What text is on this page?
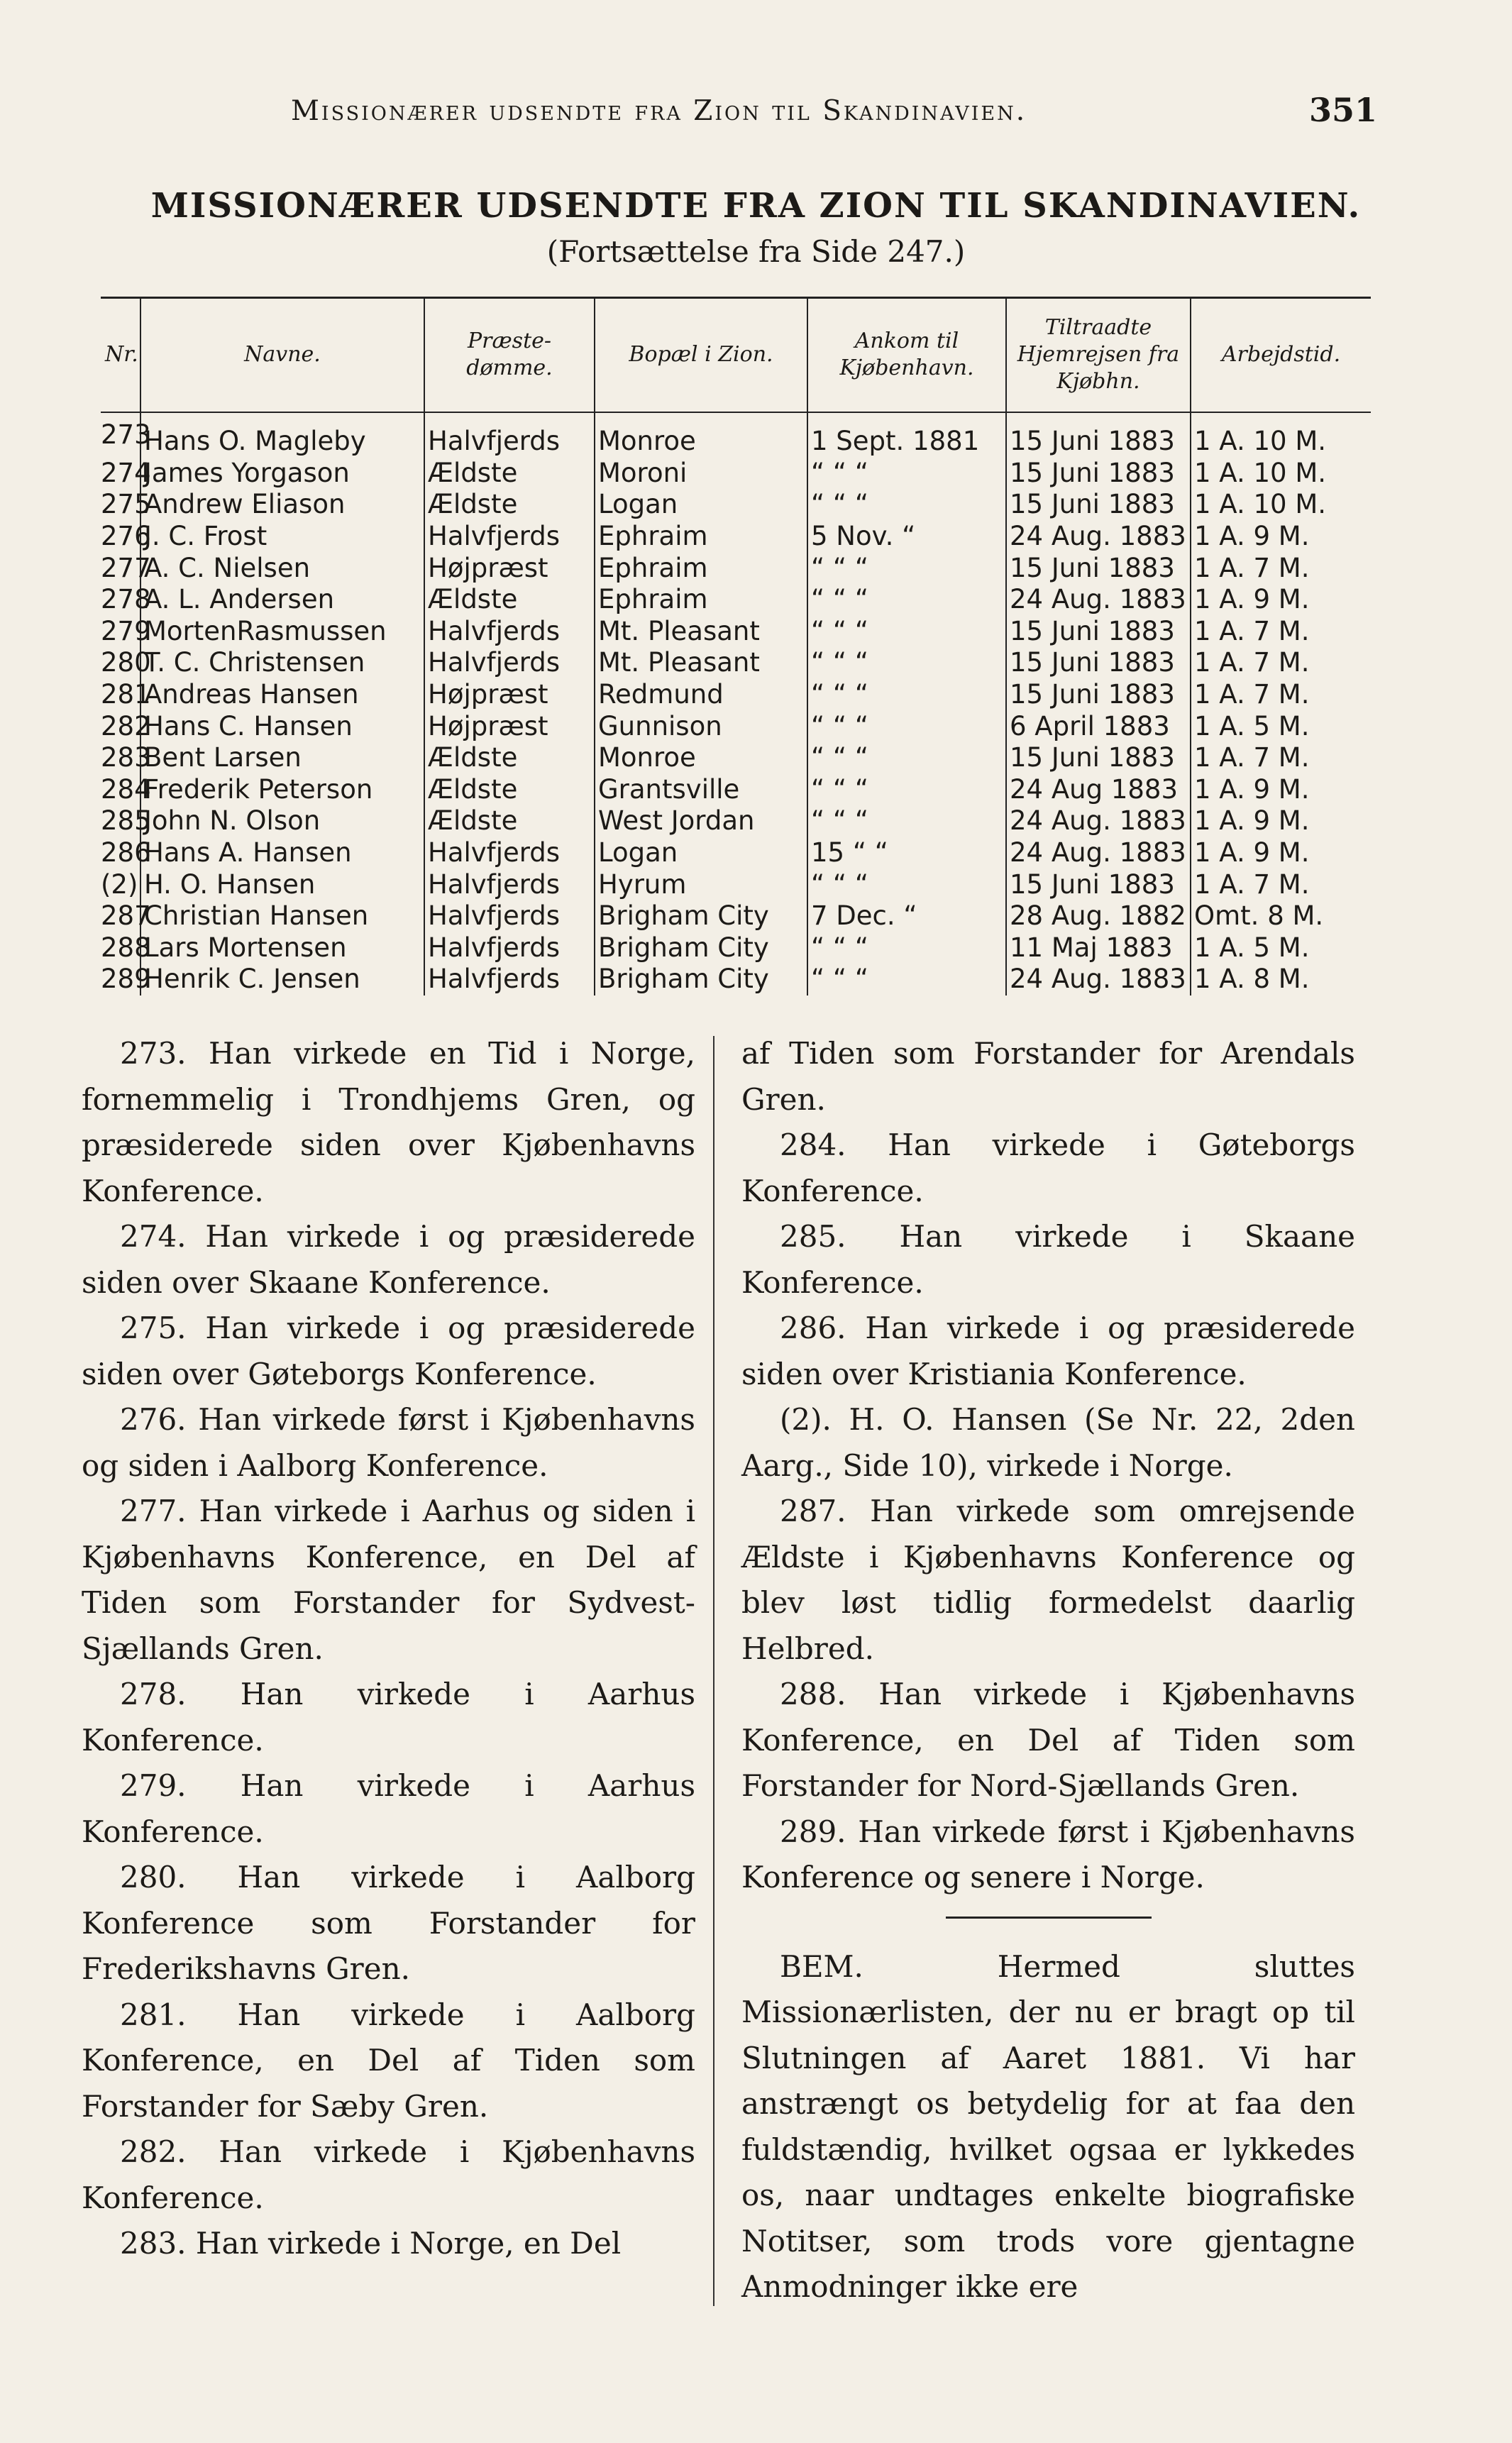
Missionærer udsendte fra Zion til Skandinavien.	351
MISSIONÆRER UDSENDTE FRA ZION TIL SKANDINAVIEN.
(Fortsættelse fra Side 247.)
Nr.	Navne.	Præste-dømme.	Bopæl i Zion.	Ankom til Kjøbenhavn.	Tiltraadte Hjemrejsen fra Kjøbhn.	Arbejdstid.
273	Hans O. Magleby	Halvfjerds	Monroe	1 Sept. 1881	15 Juni 1883	1 A. 10 M.
274	James Yorgason	Ældste	Moroni	“ “ “	15 Juni 1883	1 A. 10 M.
275	Andrew Eliason	Ældste	Logan	“ “ “	15 Juni 1883	1 A. 10 M.
276	J. C. Frost	Halvfjerds	Ephraim	5 Nov. “	24 Aug. 1883	1 A. 9 M.
277	A. C. Nielsen	Højpræst	Ephraim	“ “ “	15 Juni 1883	1 A. 7 M.
278	A. L. Andersen	Ældste	Ephraim	“ “ “	24 Aug. 1883	1 A. 9 M.
279	MortenRasmussen	Halvfjerds	Mt. Pleasant	“ “ “	15 Juni 1883	1 A. 7 M.
280	T. C. Christensen	Halvfjerds	Mt. Pleasant	“ “ “	15 Juni 1883	1 A. 7 M.
281	Andreas Hansen	Højpræst	Redmund	“ “ “	15 Juni 1883	1 A. 7 M.
282	Hans C. Hansen	Højpræst	Gunnison	“ “ “	6 April 1883	1 A. 5 M.
283	Bent Larsen	Ældste	Monroe	“ “ “	15 Juni 1883	1 A. 7 M.
284	Frederik Peterson	Ældste	Grantsville	“ “ “	24 Aug 1883	1 A. 9 M.
285	John N. Olson	Ældste	West Jordan	“ “ “	24 Aug. 1883	1 A. 9 M.
286	Hans A. Hansen	Halvfjerds	Logan	15 “ “	24 Aug. 1883	1 A. 9 M.
(2)	H. O. Hansen	Halvfjerds	Hyrum	“ “ “	15 Juni 1883	1 A. 7 M.
287	Christian Hansen	Halvfjerds	Brigham City	7 Dec. “	28 Aug. 1882	Omt. 8 M.
288	Lars Mortensen	Halvfjerds	Brigham City	“ “ “	11 Maj 1883	1 A. 5 M.
289	Henrik C. Jensen	Halvfjerds	Brigham City	“ “ “	24 Aug. 1883	1 A. 8 M.

273. Han virkede en Tid i Norge, fornemmelig i Trondhjems Gren, og præsiderede siden over Kjøbenhavns Konference.

274. Han virkede i og præsiderede siden over Skaane Konference.

275. Han virkede i og præsiderede siden over Gøteborgs Konference.

276. Han virkede først i Kjøbenhavns og siden i Aalborg Konference.

277. Han virkede i Aarhus og siden i Kjøbenhavns Konference, en Del af Tiden som Forstander for Sydvest-Sjællands Gren.

278. Han virkede i Aarhus Konference.

279. Han virkede i Aarhus Konference.

280. Han virkede i Aalborg Konference som Forstander for Frederikshavns Gren.

281. Han virkede i Aalborg Konference, en Del af Tiden som Forstander for Sæby Gren.

282. Han virkede i Kjøbenhavns Konference.

283. Han virkede i Norge, en Del

af Tiden som Forstander for Arendals Gren.

284. Han virkede i Gøteborgs Konference.

285. Han virkede i Skaane Konference.

286. Han virkede i og præsiderede siden over Kristiania Konference.

(2). H. O. Hansen (Se Nr. 22, 2den Aarg., Side 10), virkede i Norge.

287. Han virkede som omrejsende Ældste i Kjøbenhavns Konference og blev løst tidlig formedelst daarlig Helbred.

288. Han virkede i Kjøbenhavns Konference, en Del af Tiden som Forstander for Nord-Sjællands Gren.

289. Han virkede først i Kjøbenhavns Konference og senere i Norge.

BEM. Hermed sluttes Missionærlisten, der nu er bragt op til Slutningen af Aaret 1881. Vi har anstrængt os betydelig for at faa den fuldstændig, hvilket ogsaa er lykkedes os, naar undtages enkelte biografiske Notitser, som trods vore gjentagne Anmodninger ikke ere
